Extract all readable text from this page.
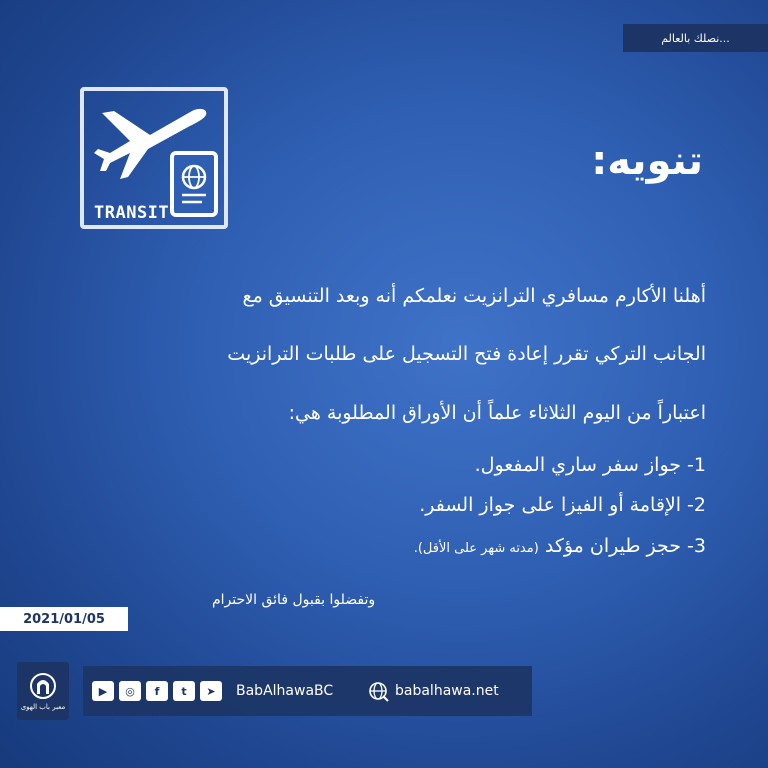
نصلك بالعالم...
TRANSIT
تنويه:
أهلنا الأكارم مسافري الترانزيت نعلمكم أنه وبعد التنسيق مع
الجانب التركي تقرر إعادة فتح التسجيل على طلبات الترانزيت
اعتباراً من اليوم الثلاثاء علماً أن الأوراق المطلوبة هي:
1- جواز سفر ساري المفعول.
2- الإقامة أو الفيزا على جواز السفر.
3- حجز طيران مؤكد (مدته شهر على الأقل).
وتفضلوا بقبول فائق الاحترام
2021/01/05
معبر باب الهوى
▶	◎	f	t	➤	BabAlhawaBC	babalhawa.net
